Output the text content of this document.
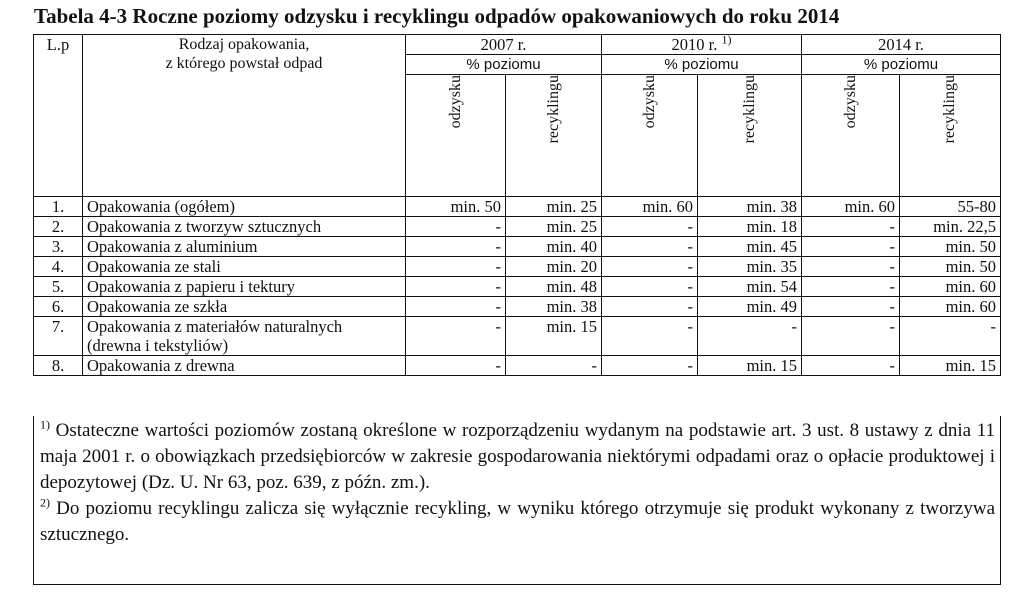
Tabela 4-3 Roczne poziomy odzysku i recyklingu odpadów opakowaniowych do roku 2014
L.p	Rodzaj opakowania,
z którego powstał odpad	2007 r.		2010 r. $^{1)}$		2014 r.	
		% poziomu		% poziomu		% poziomu	
		odzysku	recyklingu	odzysku	recyklingu	odzysku	recyklingu
1.	Opakowania (ogółem)	min. 50	min. 25	min. 60	min. 38	min. 60	55-80
2.	Opakowania z tworzyw sztucznych	-	min. 25	-	min. 18	-	min. 22,5
3.	Opakowania z aluminium	-	min. 40	-	min. 45	-	min. 50
4.	Opakowania ze stali	-	min. 20	-	min. 35	-	min. 50
5.	Opakowania z papieru i tektury	-	min. 48	-	min. 54	-	min. 60
6.	Opakowania ze szkła	-	min. 38	-	min. 49	-	min. 60
7.	Opakowania z materiałów naturalnych
(drewna i tekstyliów)	-	min. 15	-	-	-	-
8.	Opakowania z drewna	-	-	-	min. 15	-	min. 15

$^{1)}$ Ostateczne wartości poziomów zostaną określone w rozporządzeniu wydanym na podstawie art. 3 ust. 8 ustawy z dnia 11 maja 2001 r. o obowiązkach przedsiębiorców w zakresie gospodarowania niektórymi odpadami oraz o opłacie produktowej i depozytowej (Dz. U. Nr 63, poz. 639, z późn. zm.).

$^{2)}$ Do poziomu recyklingu zalicza się wyłącznie recykling, w wyniku którego otrzymuje się produkt wykonany z tworzywa sztucznego.
